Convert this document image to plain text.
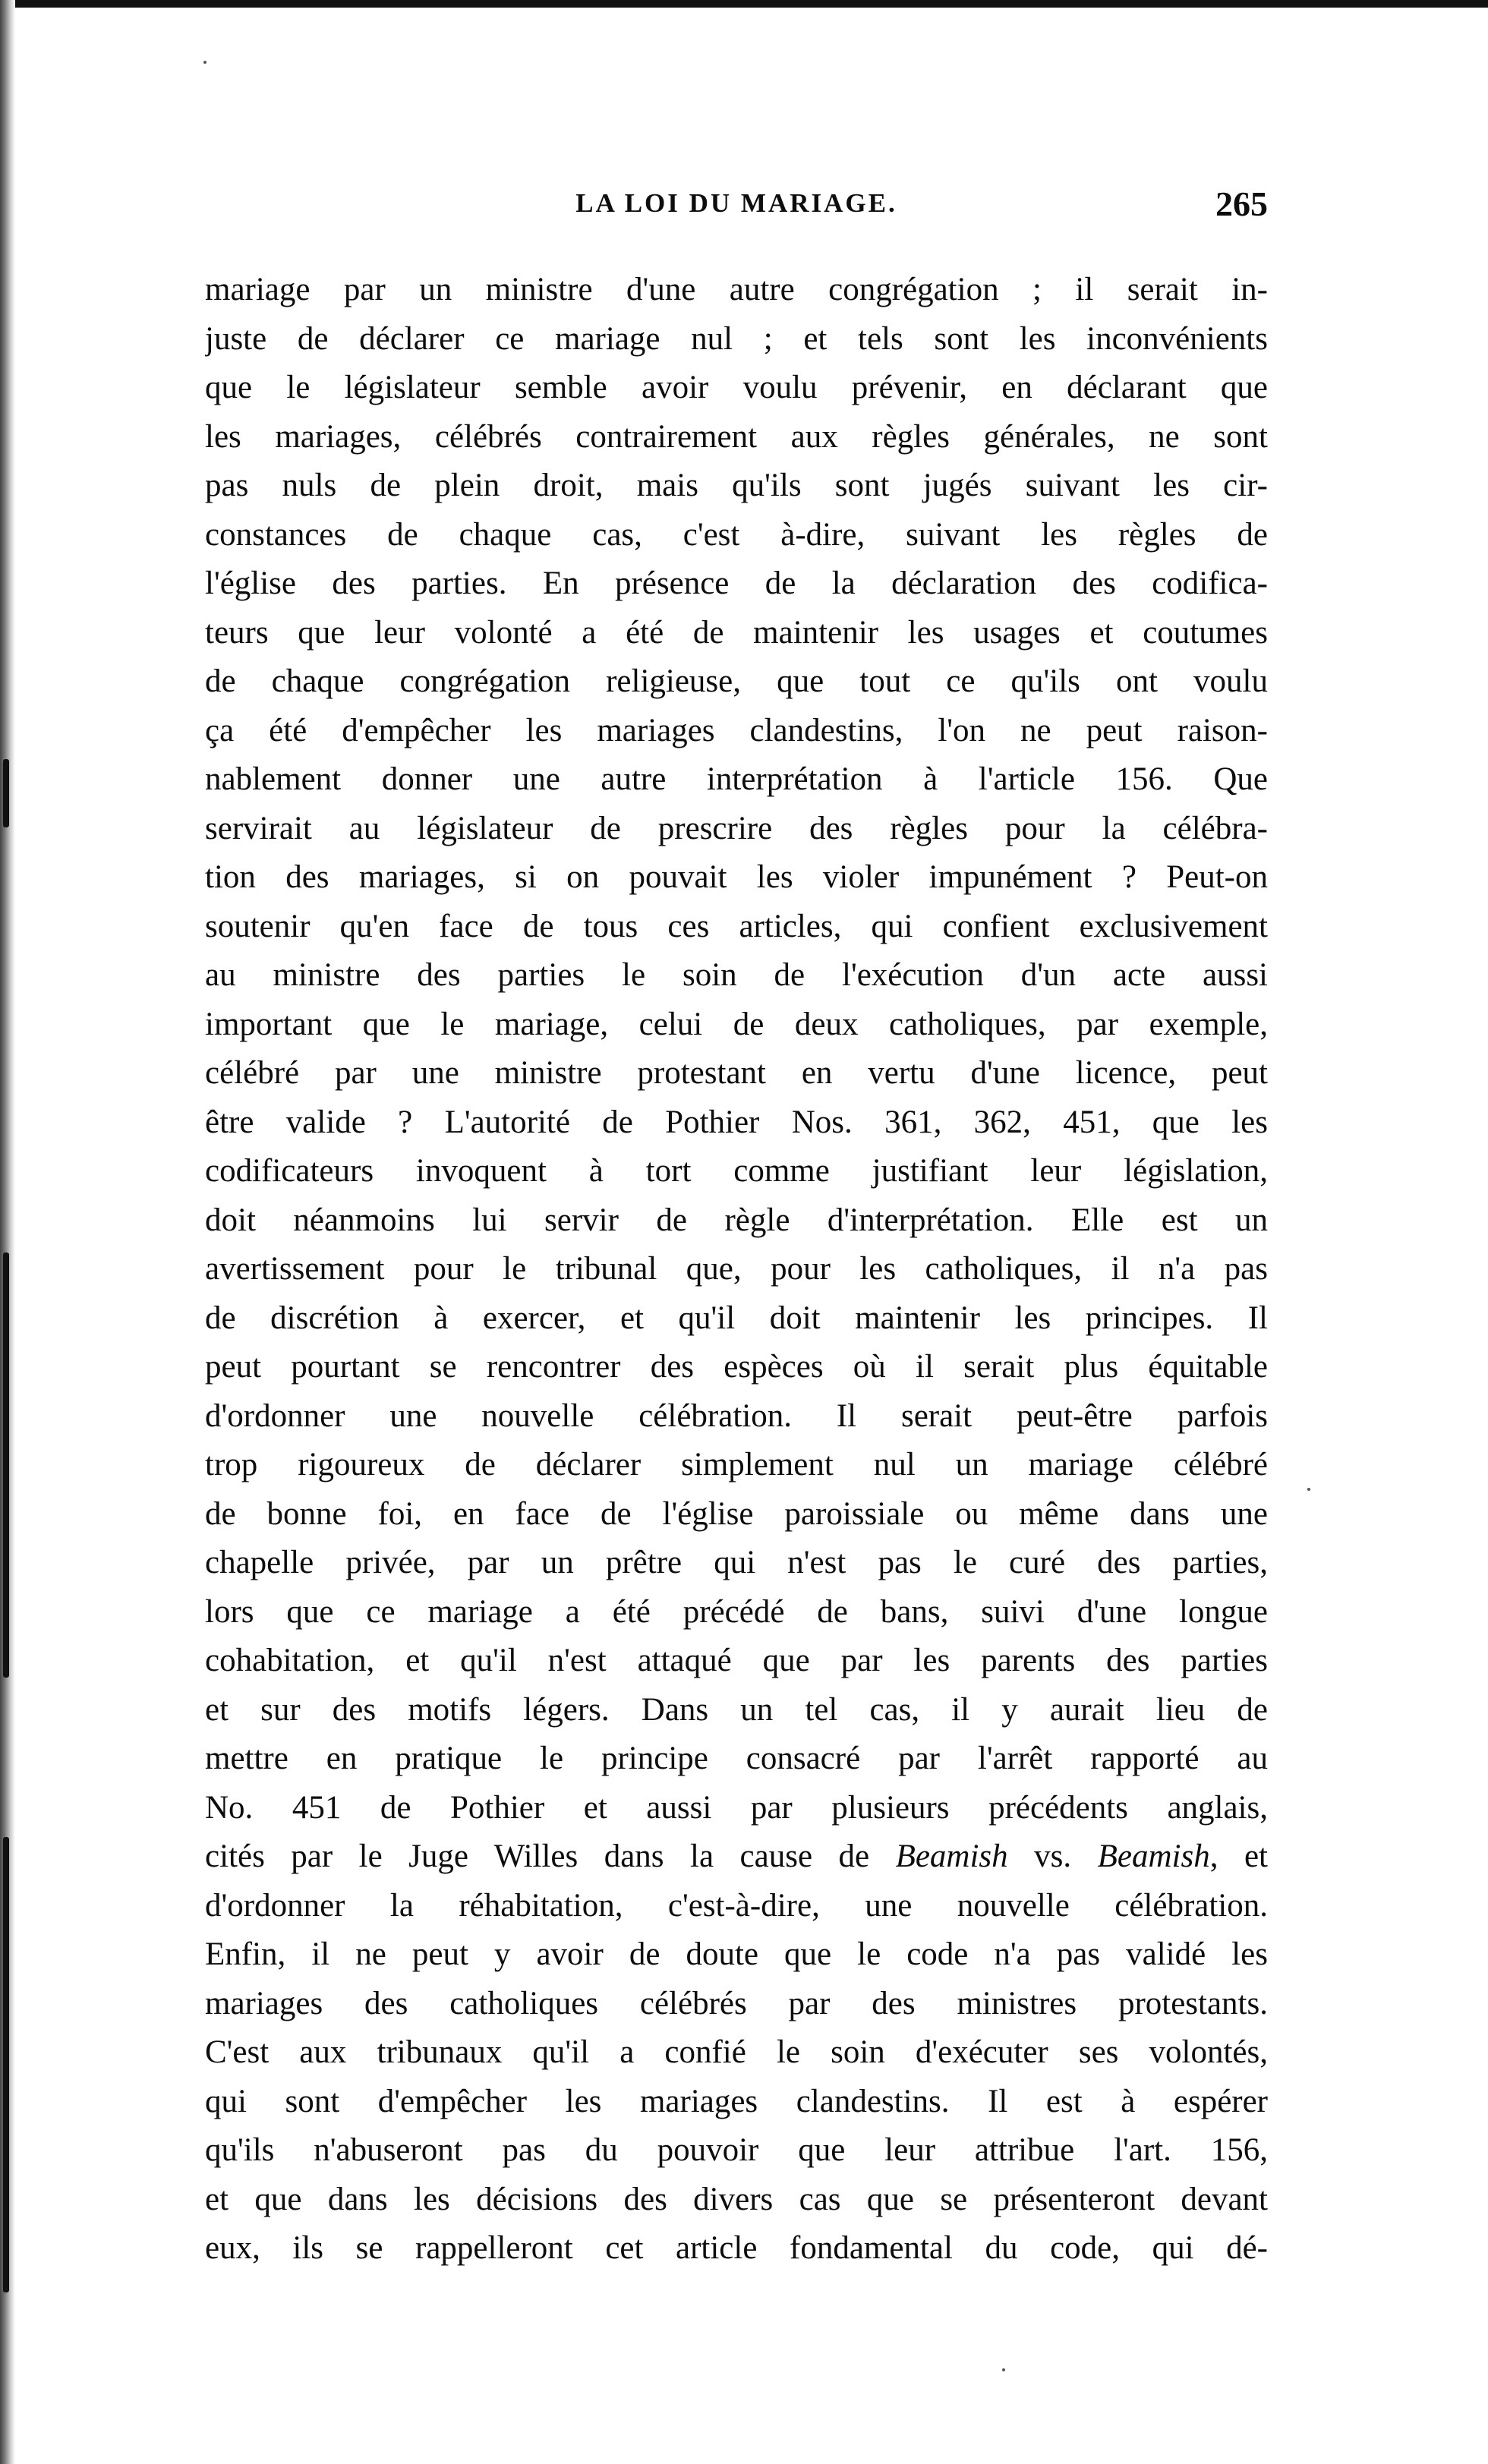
LA LOI DU MARIAGE.	265
mariage par un ministre d'une autre congrégation ; il serait in-
juste de déclarer ce mariage nul ; et tels sont les inconvénients
que le législateur semble avoir voulu prévenir, en déclarant que
les mariages, célébrés contrairement aux règles générales, ne sont
pas nuls de plein droit, mais qu'ils sont jugés suivant les cir-
constances de chaque cas, c'est à-dire, suivant les règles de
l'église des parties. En présence de la déclaration des codifica-
teurs que leur volonté a été de maintenir les usages et coutumes
de chaque congrégation religieuse, que tout ce qu'ils ont voulu
ça été d'empêcher les mariages clandestins, l'on ne peut raison-
nablement donner une autre interprétation à l'article 156. Que
servirait au législateur de prescrire des règles pour la célébra-
tion des mariages, si on pouvait les violer impunément ? Peut-on
soutenir qu'en face de tous ces articles, qui confient exclusivement
au ministre des parties le soin de l'exécution d'un acte aussi
important que le mariage, celui de deux catholiques, par exemple,
célébré par une ministre protestant en vertu d'une licence, peut
être valide ? L'autorité de Pothier Nos. 361, 362, 451, que les
codificateurs invoquent à tort comme justifiant leur législation,
doit néanmoins lui servir de règle d'interprétation. Elle est un
avertissement pour le tribunal que, pour les catholiques, il n'a pas
de discrétion à exercer, et qu'il doit maintenir les principes. Il
peut pourtant se rencontrer des espèces où il serait plus équitable
d'ordonner une nouvelle célébration. Il serait peut-être parfois
trop rigoureux de déclarer simplement nul un mariage célébré
de bonne foi, en face de l'église paroissiale ou même dans une
chapelle privée, par un prêtre qui n'est pas le curé des parties,
lors que ce mariage a été précédé de bans, suivi d'une longue
cohabitation, et qu'il n'est attaqué que par les parents des parties
et sur des motifs légers. Dans un tel cas, il y aurait lieu de
mettre en pratique le principe consacré par l'arrêt rapporté au
No. 451 de Pothier et aussi par plusieurs précédents anglais,
cités par le Juge Willes dans la cause de Beamish vs. Beamish, et
d'ordonner la réhabitation, c'est-à-dire, une nouvelle célébration.
Enfin, il ne peut y avoir de doute que le code n'a pas validé les
mariages des catholiques célébrés par des ministres protestants.
C'est aux tribunaux qu'il a confié le soin d'exécuter ses volontés,
qui sont d'empêcher les mariages clandestins. Il est à espérer
qu'ils n'abuseront pas du pouvoir que leur attribue l'art. 156,
et que dans les décisions des divers cas que se présenteront devant
eux, ils se rappelleront cet article fondamental du code, qui dé-
